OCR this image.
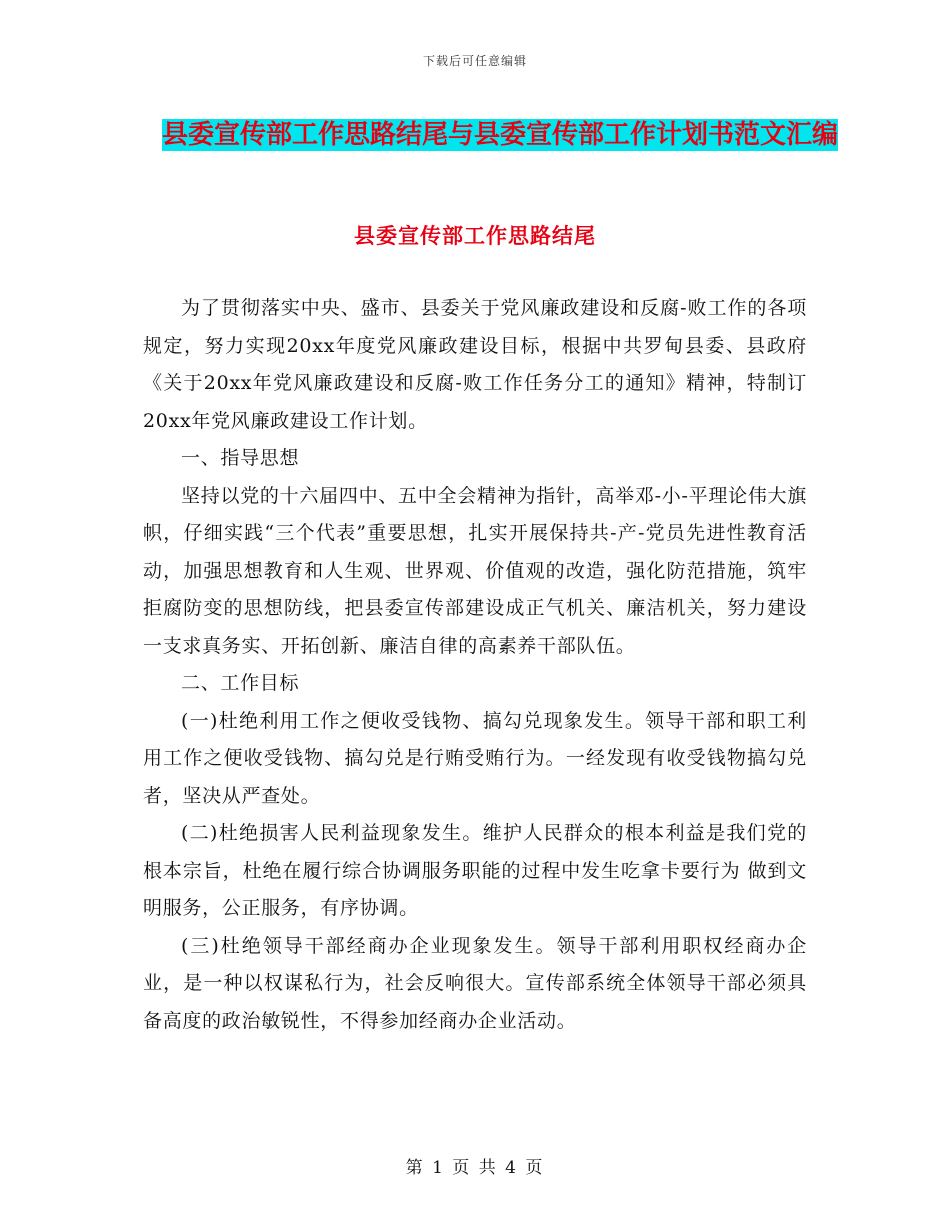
下载后可任意编辑
县委宣传部工作思路结尾与县委宣传部工作计划书范文汇编
县委宣传部工作思路结尾

为了贯彻落实中央、盛市、县委关于党风廉政建设和反腐-败工作的各项规定，努力实现20xx年度党风廉政建设目标，根据中共罗甸县委、县政府《关于20xx年党风廉政建设和反腐-败工作任务分工的通知》精神，特制订20xx年党风廉政建设工作计划。

一、指导思想

坚持以党的十六届四中、五中全会精神为指针，高举邓-小-平理论伟大旗帜，仔细实践“三个代表”重要思想，扎实开展保持共-产-党员先进性教育活动，加强思想教育和人生观、世界观、价值观的改造，强化防范措施，筑牢拒腐防变的思想防线，把县委宣传部建设成正气机关、廉洁机关，努力建设一支求真务实、开拓创新、廉洁自律的高素养干部队伍。

二、工作目标

(一)杜绝利用工作之便收受钱物、搞勾兑现象发生。领导干部和职工利用工作之便收受钱物、搞勾兑是行贿受贿行为。一经发现有收受钱物搞勾兑者，坚决从严查处。

(二)杜绝损害人民利益现象发生。维护人民群众的根本利益是我们党的根本宗旨，杜绝在履行综合协调服务职能的过程中发生吃拿卡要行为 做到文明服务，公正服务，有序协调。

(三)杜绝领导干部经商办企业现象发生。领导干部利用职权经商办企业，是一种以权谋私行为，社会反响很大。宣传部系统全体领导干部必须具备高度的政治敏锐性，不得参加经商办企业活动。

第 1 页 共 4 页
